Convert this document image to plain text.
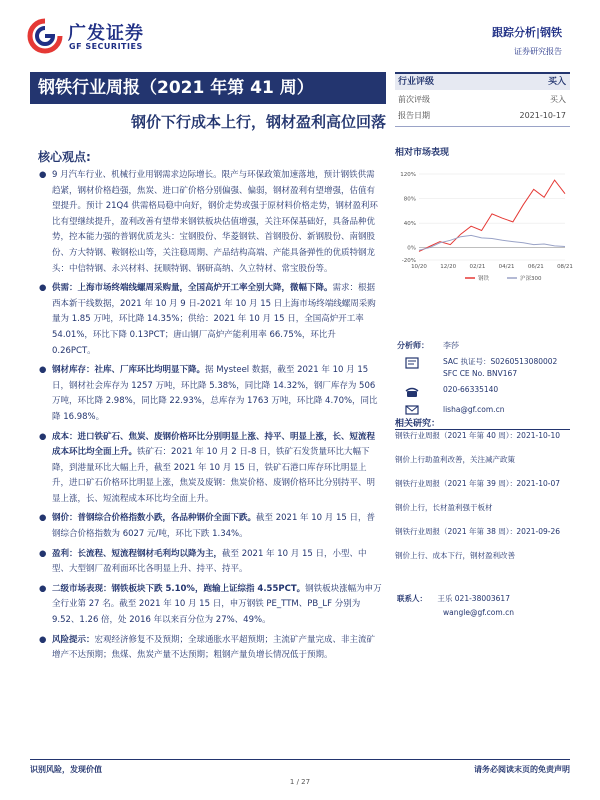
广发证券
GF SECURITIES
跟踪分析|钢铁
证券研究报告
钢铁行业周报（2021 年第 41 周）
钢价下行成本上行，钢材盈利高位回落
核心观点:
● 9 月汽车行业、机械行业用钢需求边际增长。限产与环保政策加速落地，预计钢铁供需趋紧，钢材价格趋强，焦炭、进口矿价格分别偏强、偏弱，钢材盈利有望增强，估值有望提升。预计 21Q4 供需格局稳中向好，钢价走势或强于原材料价格走势，钢材盈利环比有望继续提升，盈利改善有望带来钢铁板块估值增强，关注环保基础好，具备品种优势，控本能力强的普钢优质龙头：宝钢股份、华菱钢铁、首钢股份、新钢股份、南钢股份、方大特钢、鞍钢松山等，关注稳周期、产品结构高端、产能具备弹性的优质特钢龙头：中信特钢、永兴材料、抚顺特钢、钢研高纳、久立特材、常宝股份等。
● 供需：上海市场终端线螺周采购量，全国高炉开工率全别大降，微幅下降。需求：根据西本新干线数据，2021 年 10 月 9 日-2021 年 10 月 15 日上海市场终端线螺周采购量为 1.85 万吨，环比降 14.35%；供给：2021 年 10 月 15 日，全国高炉开工率 54.01%，环比下降 0.13PCT；唐山钢厂高炉产能利用率 66.75%，环比升 0.26PCT。
● 钢材库存：社库、厂库环比均明显下降。据 Mysteel 数据，截至 2021 年 10 月 15 日，钢材社会库存为 1257 万吨，环比降 5.38%，同比降 14.32%，钢厂库存为 506 万吨，环比降 2.98%，同比降 22.93%，总库存为 1763 万吨，环比降 4.70%，同比降 16.98%。
● 成本：进口铁矿石、焦炭、废钢价格环比分别明显上涨、持平、明显上涨，长、短流程成本环比均全面上升。铁矿石：2021 年 10 月 2 日-8 日，铁矿石发货量环比大幅下降，到港量环比大幅上升，截至 2021 年 10 月 15 日，铁矿石港口库存环比明显上升，进口矿石价格环比明显上涨，焦炭及废钢：焦炭价格、废钢价格环比分别持平、明显上涨，长、短流程成本环比均全面上升。
● 钢价：普钢综合价格指数小跌，各品种钢价全面下跌。截至 2021 年 10 月 15 日，普钢综合价格指数为 6027 元/吨，环比下跌 1.34%。
● 盈利：长流程、短流程钢材毛利均以降为主，截至 2021 年 10 月 15 日，小型、中型、大型钢厂盈利面环比各明显上升、持平、持平。
● 二级市场表现：钢铁板块下跌 5.10%，跑输上证综指 4.55PCT。钢铁板块涨幅为申万全行业第 27 名。截至 2021 年 10 月 15 日，申万钢铁 PE_TTM、PB_LF 分别为 9.52、1.26 倍，处 2016 年以来百分位为 27%、49%。
● 风险提示：宏观经济修复不及预期；全球通胀水平超预期；主流矿产量完成、非主流矿增产不达预期；焦煤、焦炭产量不达预期；粗钢产量负增长情况低于预期。
行业评级	买入
前次评级	买入
报告日期	2021-10-17
相对市场表现
120%
80%
40%
0%
-20%
10/20 12/20 02/21 04/21 06/21 08/21
钢铁	沪深300
分析师： 李莎
SAC 执证号：S0260513080002
SFC CE No. BNV167
020-66335140
lisha@gf.com.cn
相关研究：
钢铁行业周报（2021 年第 40 周）：钢价上行助盈利改善，关注减产政策
2021-10-10
钢铁行业周报（2021 年第 39 周）：钢价上行，长材盈利强于板材
2021-10-07
钢铁行业周报（2021 年第 38 周）：钢价上行、成本下行，钢材盈利改善
2021-09-26
联系人： 王乐 021-38003617
wangle@gf.com.cn
识别风险，发现价值	请务必阅读末页的免责声明
1 / 27
